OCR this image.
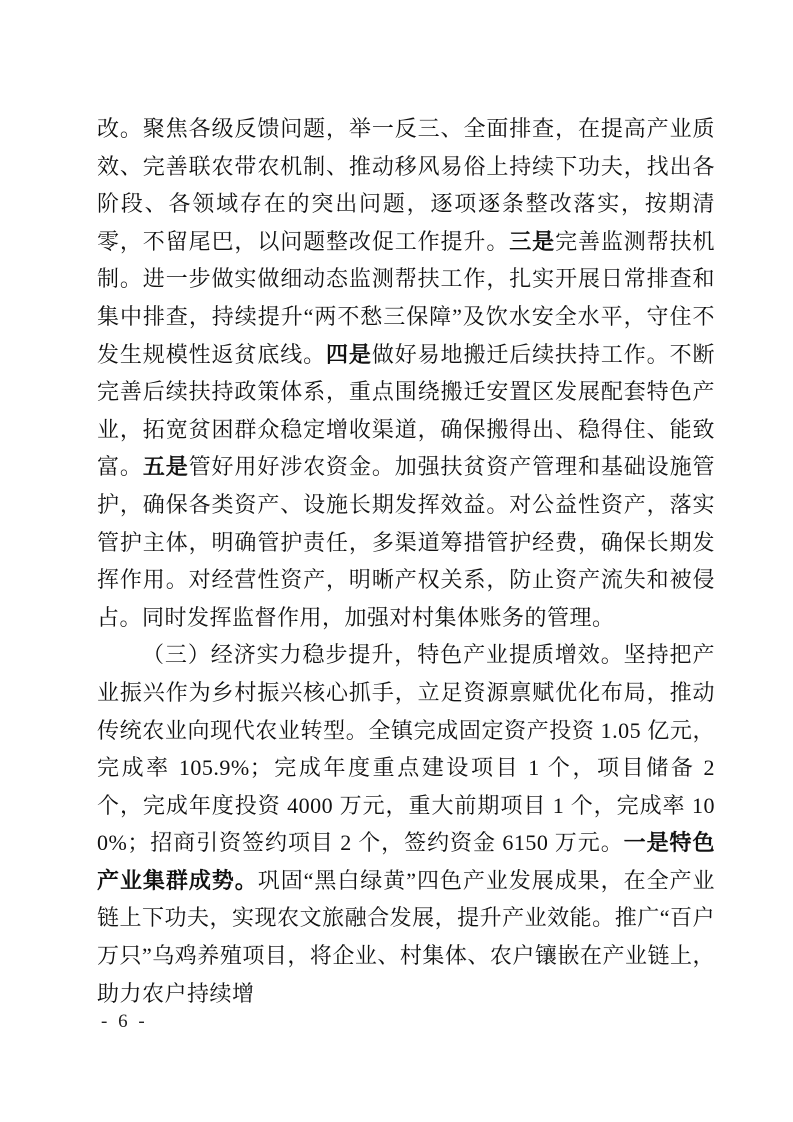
改。聚焦各级反馈问题，举一反三、全面排查，在提高产业质效、完善联农带农机制、推动移风易俗上持续下功夫，找出各阶段、各领域存在的突出问题，逐项逐条整改落实，按期清零，不留尾巴，以问题整改促工作提升。三是完善监测帮扶机制。进一步做实做细动态监测帮扶工作，扎实开展日常排查和集中排查，持续提升“两不愁三保障”及饮水安全水平，守住不发生规模性返贫底线。四是做好易地搬迁后续扶持工作。不断完善后续扶持政策体系，重点围绕搬迁安置区发展配套特色产业，拓宽贫困群众稳定增收渠道，确保搬得出、稳得住、能致富。五是管好用好涉农资金。加强扶贫资产管理和基础设施管护，确保各类资产、设施长期发挥效益。对公益性资产，落实管护主体，明确管护责任，多渠道筹措管护经费，确保长期发挥作用。对经营性资产，明晰产权关系，防止资产流失和被侵占。同时发挥监督作用，加强对村集体账务的管理。

（三）经济实力稳步提升，特色产业提质增效。坚持把产业振兴作为乡村振兴核心抓手，立足资源禀赋优化布局，推动传统农业向现代农业转型。全镇完成固定资产投资 1.05 亿元，完成率 105.9%；完成年度重点建设项目 1 个，项目储备 2 个，完成年度投资 4000 万元，重大前期项目 1 个，完成率 100%；招商引资签约项目 2 个，签约资金 6150 万元。一是特色产业集群成势。巩固“黑白绿黄”四色产业发展成果，在全产业链上下功夫，实现农文旅融合发展，提升产业效能。推广“百户万只”乌鸡养殖项目，将企业、村集体、农户镶嵌在产业链上，助力农户持续增

- 6 -
